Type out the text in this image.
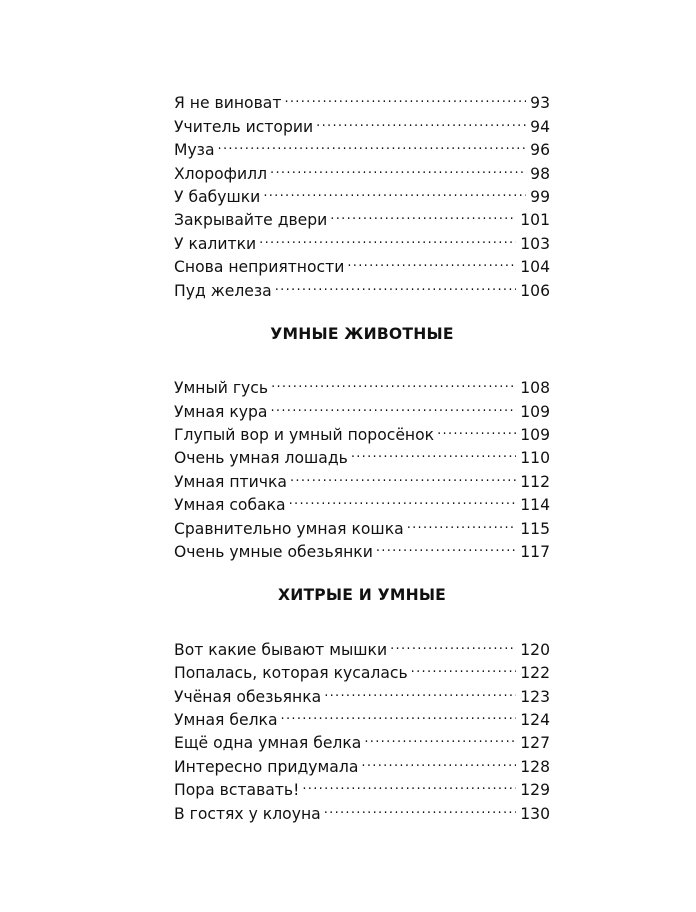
Я не виноват .....	93
Учитель истории .....	94
Муза .....	96
Хлорофилл .....	98
У бабушки .....	99
Закрывайте двери .....	101
У калитки .....	103
Снова неприятности .....	104
Пуд железа .....	106
УМНЫЕ ЖИВОТНЫЕ
Умный гусь .....	108
Умная кура .....	109
Глупый вор и умный поросёнок .....	109
Очень умная лошадь .....	110
Умная птичка .....	112
Умная собака .....	114
Сравнительно умная кошка .....	115
Очень умные обезьянки .....	117
ХИТРЫЕ И УМНЫЕ
Вот какие бывают мышки .....	120
Попалась, которая кусалась .....	122
Учёная обезьянка .....	123
Умная белка .....	124
Ещё одна умная белка .....	127
Интересно придумала .....	128
Пора вставать! .....	129
В гостях у клоуна .....	130
